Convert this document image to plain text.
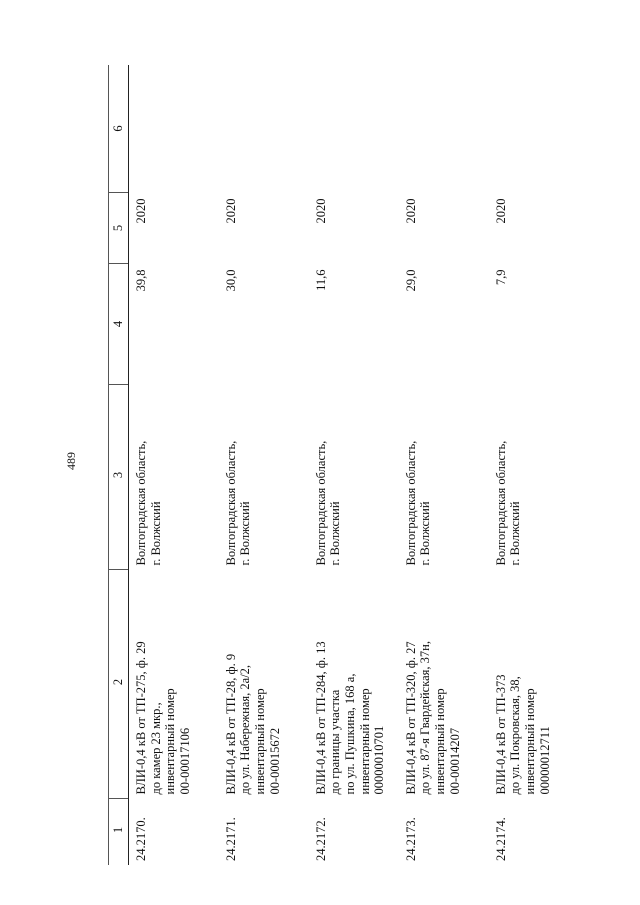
489
1	2	3	4	5	6
24.2170.	ВЛИ-0,4 кВ от ТП-275, ф. 29 до камер 23 мкр., инвентарный номер 00-00017106	Волгоградская область, г. Волжский	39,8	2020	
24.2171.	ВЛИ-0,4 кВ от ТП-28, ф. 9 до ул. Набережная, 2а/2, инвентарный номер 00-00015672	Волгоградская область, г. Волжский	30,0	2020	
24.2172.	ВЛИ-0,4 кВ от ТП-284, ф. 13 до границы участка по ул. Пушкина, 168 а, инвентарный номер 00000010701	Волгоградская область, г. Волжский	11,6	2020	
24.2173.	ВЛИ-0,4 кВ от ТП-320, ф. 27 до ул. 87-я Гвардейская, 37н, инвентарный номер 00-00014207	Волгоградская область, г. Волжский	29,0	2020	
24.2174.	ВЛИ-0,4 кВ от ТП-373 до ул. Покровская, 38, инвентарный номер 00000012711	Волгоградская область, г. Волжский	7,9	2020	
